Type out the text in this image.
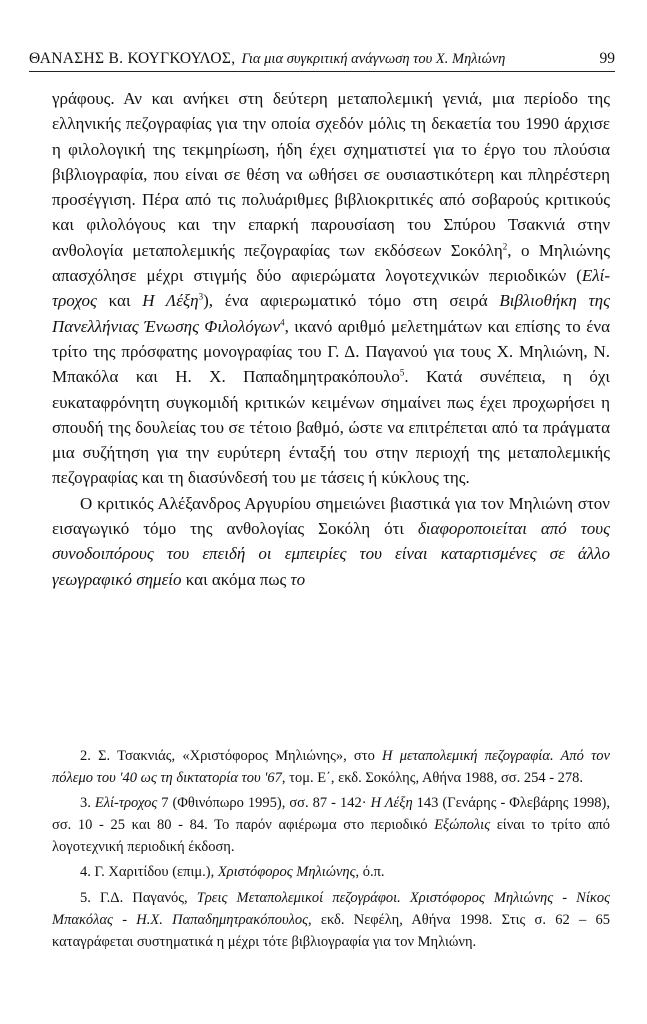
ΘΑΝΑΣΗΣ Β. ΚΟΥΓΚΟΥΛΟΣ, Για μια συγκριτική ανάγνωση του Χ. Μηλιώνη	99

γράφους. Αν και ανήκει στη δεύτερη μεταπολεμική γενιά, μια περίοδο της ελληνικής πεζογραφίας για την οποία σχεδόν μόλις τη δεκαετία του 1990 άρχισε η φιλολογική της τεκμηρίωση, ήδη έχει σχηματιστεί για το έργο του πλούσια βιβλιογραφία, που είναι σε θέση να ωθήσει σε ουσιαστικότερη και πληρέστερη προσέγγιση. Πέρα από τις πολυάριθμες βιβλιοκριτικές από σοβαρούς κριτικούς και φιλολόγους και την επαρκή παρουσίαση του Σπύρου Τσακνιά στην ανθολογία μεταπολεμικής πεζογραφίας των εκδόσεων Σοκόλη$^2$, ο Μηλιώνης απασχόλησε μέχρι στιγμής δύο αφιερώματα λογοτεχνικών περιοδικών (Ελί-τροχος και Η Λέξη$^3$), ένα αφιερωματικό τόμο στη σειρά Βιβλιοθήκη της Πανελλήνιας Ένωσης Φιλολόγων$^4$, ικανό αριθμό μελετημάτων και επίσης το ένα τρίτο της πρόσφατης μονογραφίας του Γ. Δ. Παγανού για τους Χ. Μηλιώνη, Ν. Μπακόλα και Η. Χ. Παπαδημητρακόπουλο$^5$. Κατά συνέπεια, η όχι ευκαταφρόνητη συγκομιδή κριτικών κειμένων σημαίνει πως έχει προχωρήσει η σπουδή της δουλείας του σε τέτοιο βαθμό, ώστε να επιτρέπεται από τα πράγματα μια συζήτηση για την ευρύτερη ένταξή του στην περιοχή της μεταπολεμικής πεζογραφίας και τη διασύνδεσή του με τάσεις ή κύκλους της.

Ο κριτικός Αλέξανδρος Αργυρίου σημειώνει βιαστικά για τον Μηλιώνη στον εισαγωγικό τόμο της ανθολογίας Σοκόλη ότι διαφοροποιείται από τους συνοδοιπόρους του επειδή οι εμπειρίες του είναι καταρτισμένες σε άλλο γεωγραφικό σημείο και ακόμα πως το

2. Σ. Τσακνιάς, «Χριστόφορος Μηλιώνης», στο Η μεταπολεμική πεζογραφία. Από τον πόλεμο του '40 ως τη δικτατορία του '67, τομ. Ε΄, εκδ. Σοκόλης, Αθήνα 1988, σσ. 254 - 278.

3. Ελί-τροχος 7 (Φθινόπωρο 1995), σσ. 87 - 142· Η Λέξη 143 (Γενάρης - Φλεβάρης 1998), σσ. 10 - 25 και 80 - 84. Το παρόν αφιέρωμα στο περιοδικό Εξώπολις είναι το τρίτο από λογοτεχνική περιοδική έκδοση.

4. Γ. Χαριτίδου (επιμ.), Χριστόφορος Μηλιώνης, ό.π.

5. Γ.Δ. Παγανός, Τρεις Μεταπολεμικοί πεζογράφοι. Χριστόφορος Μηλιώνης - Νίκος Μπακόλας - Η.Χ. Παπαδημητρακόπουλος, εκδ. Νεφέλη, Αθήνα 1998. Στις σ. 62 – 65 καταγράφεται συστηματικά η μέχρι τότε βιβλιογραφία για τον Μηλιώνη.
